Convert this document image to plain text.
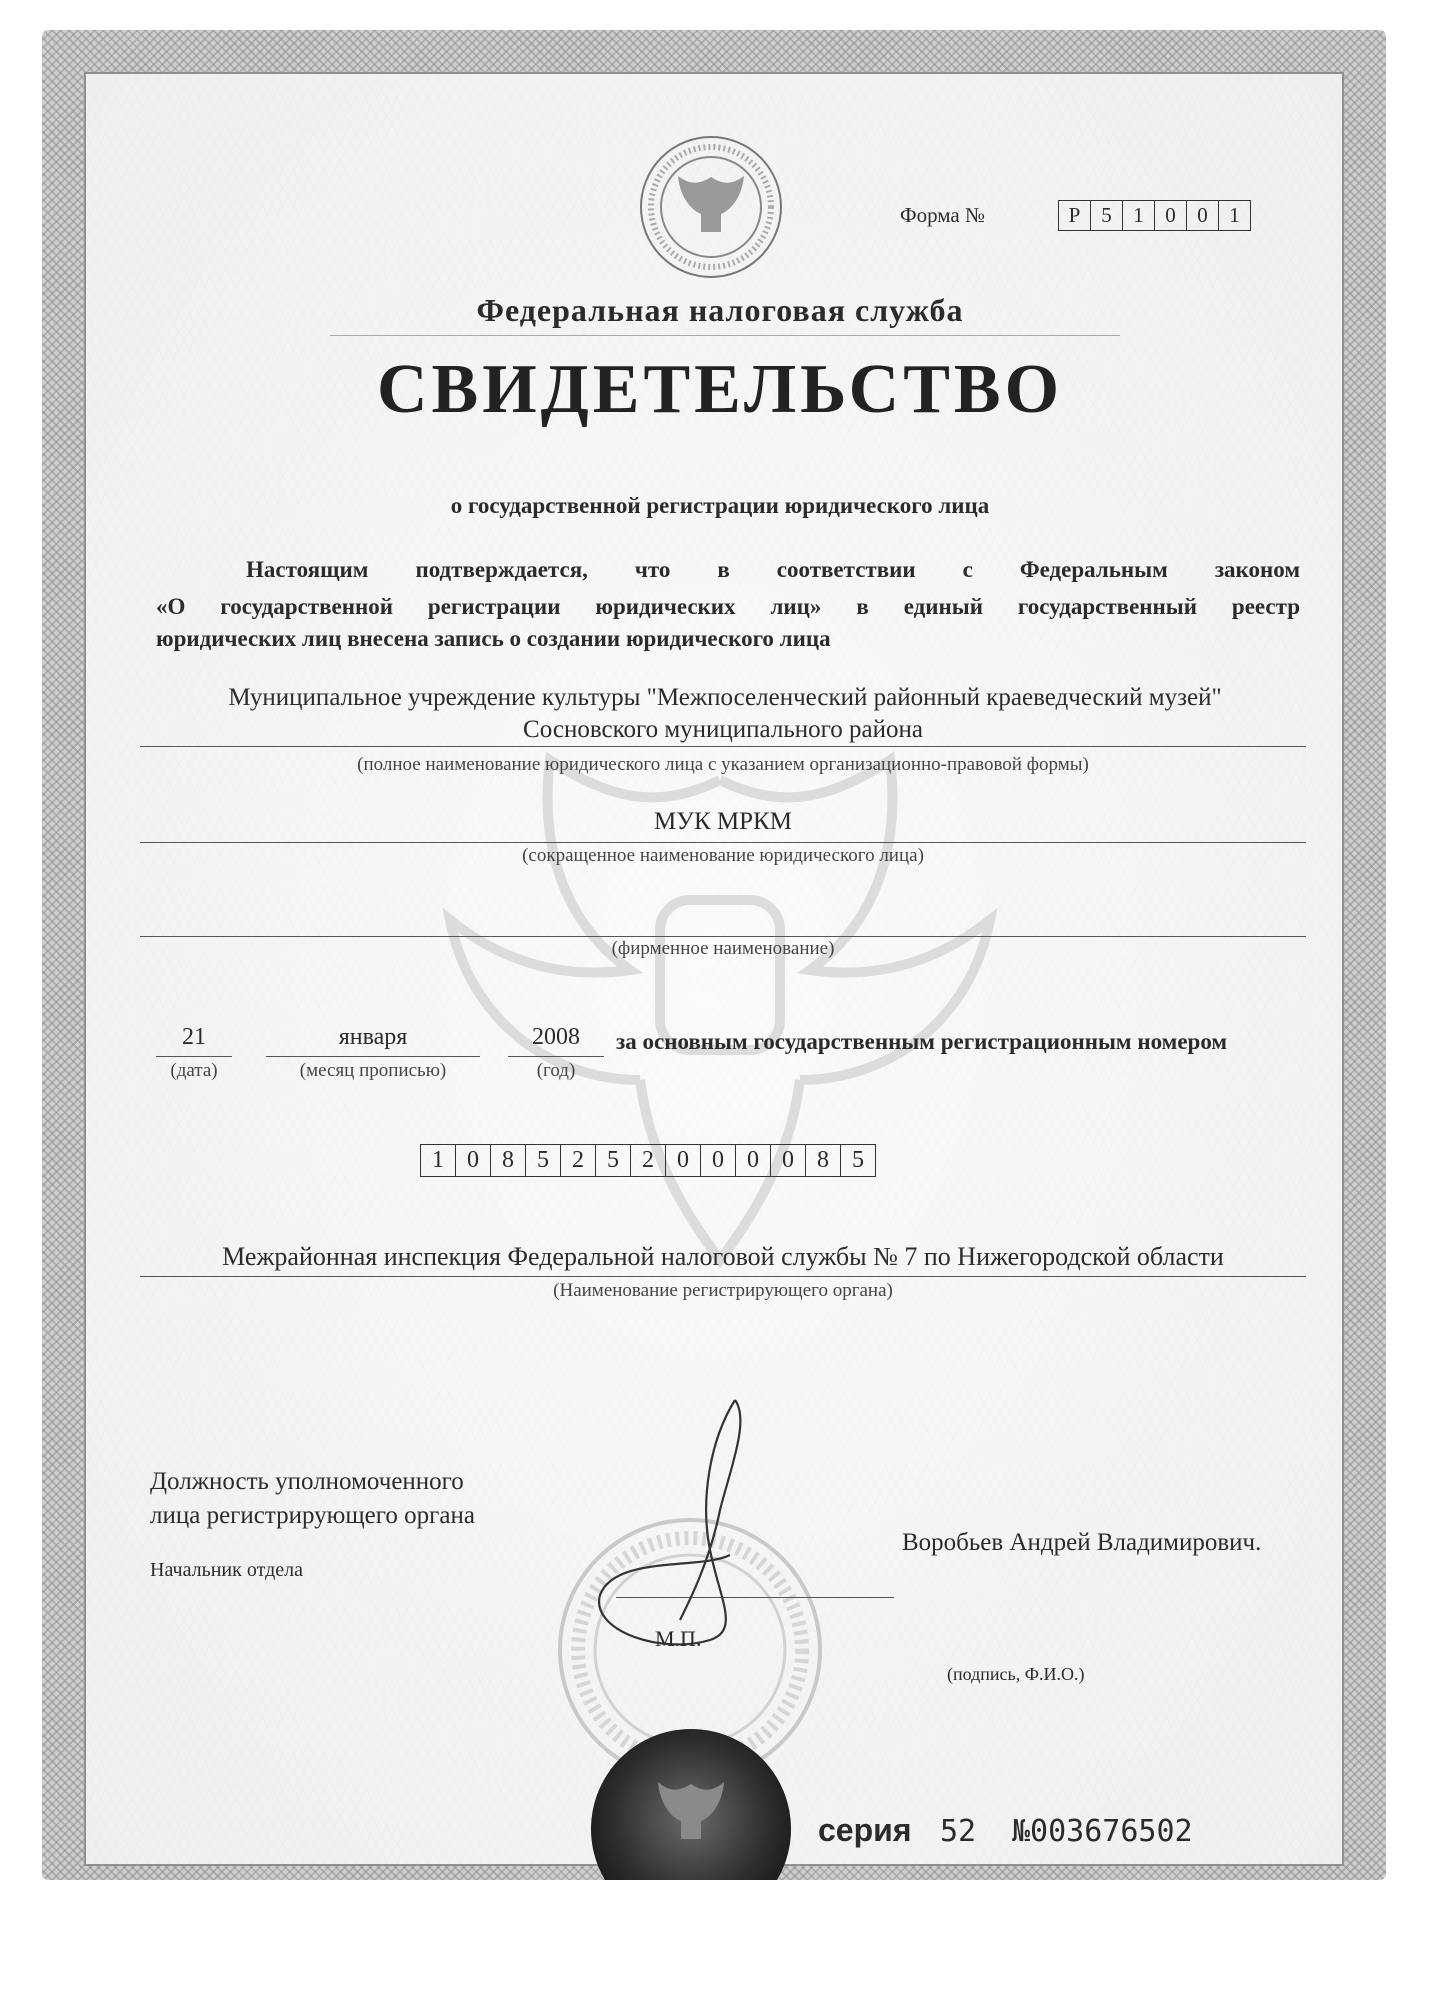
Форма №	Р 5	1	0	0	1
Федеральная налоговая служба
СВИДЕТЕЛЬСТВО
о государственной регистрации юридического лица
Настоящим подтверждается, что в соответствии с Федеральным законом
«О государственной регистрации юридических лиц» в единый государственный реестр
юридических лиц внесена запись о создании юридического лица
Муниципальное учреждение культуры "Межпоселенческий районный краеведческий музей"
Сосновского муниципального района
(полное наименование юридического лица с указанием организационно-правовой формы)
МУК МРКМ
(сокращенное наименование юридического лица)
(фирменное наименование)
21
(дата)
января
(месяц прописью)
2008
(год)
за основным государственным регистрационным номером
1 0 8 5 2 5 2 0 0 0 0 8 5
Межрайонная инспекция Федеральной налоговой службы № 7 по Нижегородской области
(Наименование регистрирующего органа)
Должность уполномоченного
лица регистрирующего органа
Начальник отдела
Воробьев Андрей Владимирович.
М.П.
(подпись, Ф.И.О.)
серия 52 №003676502
